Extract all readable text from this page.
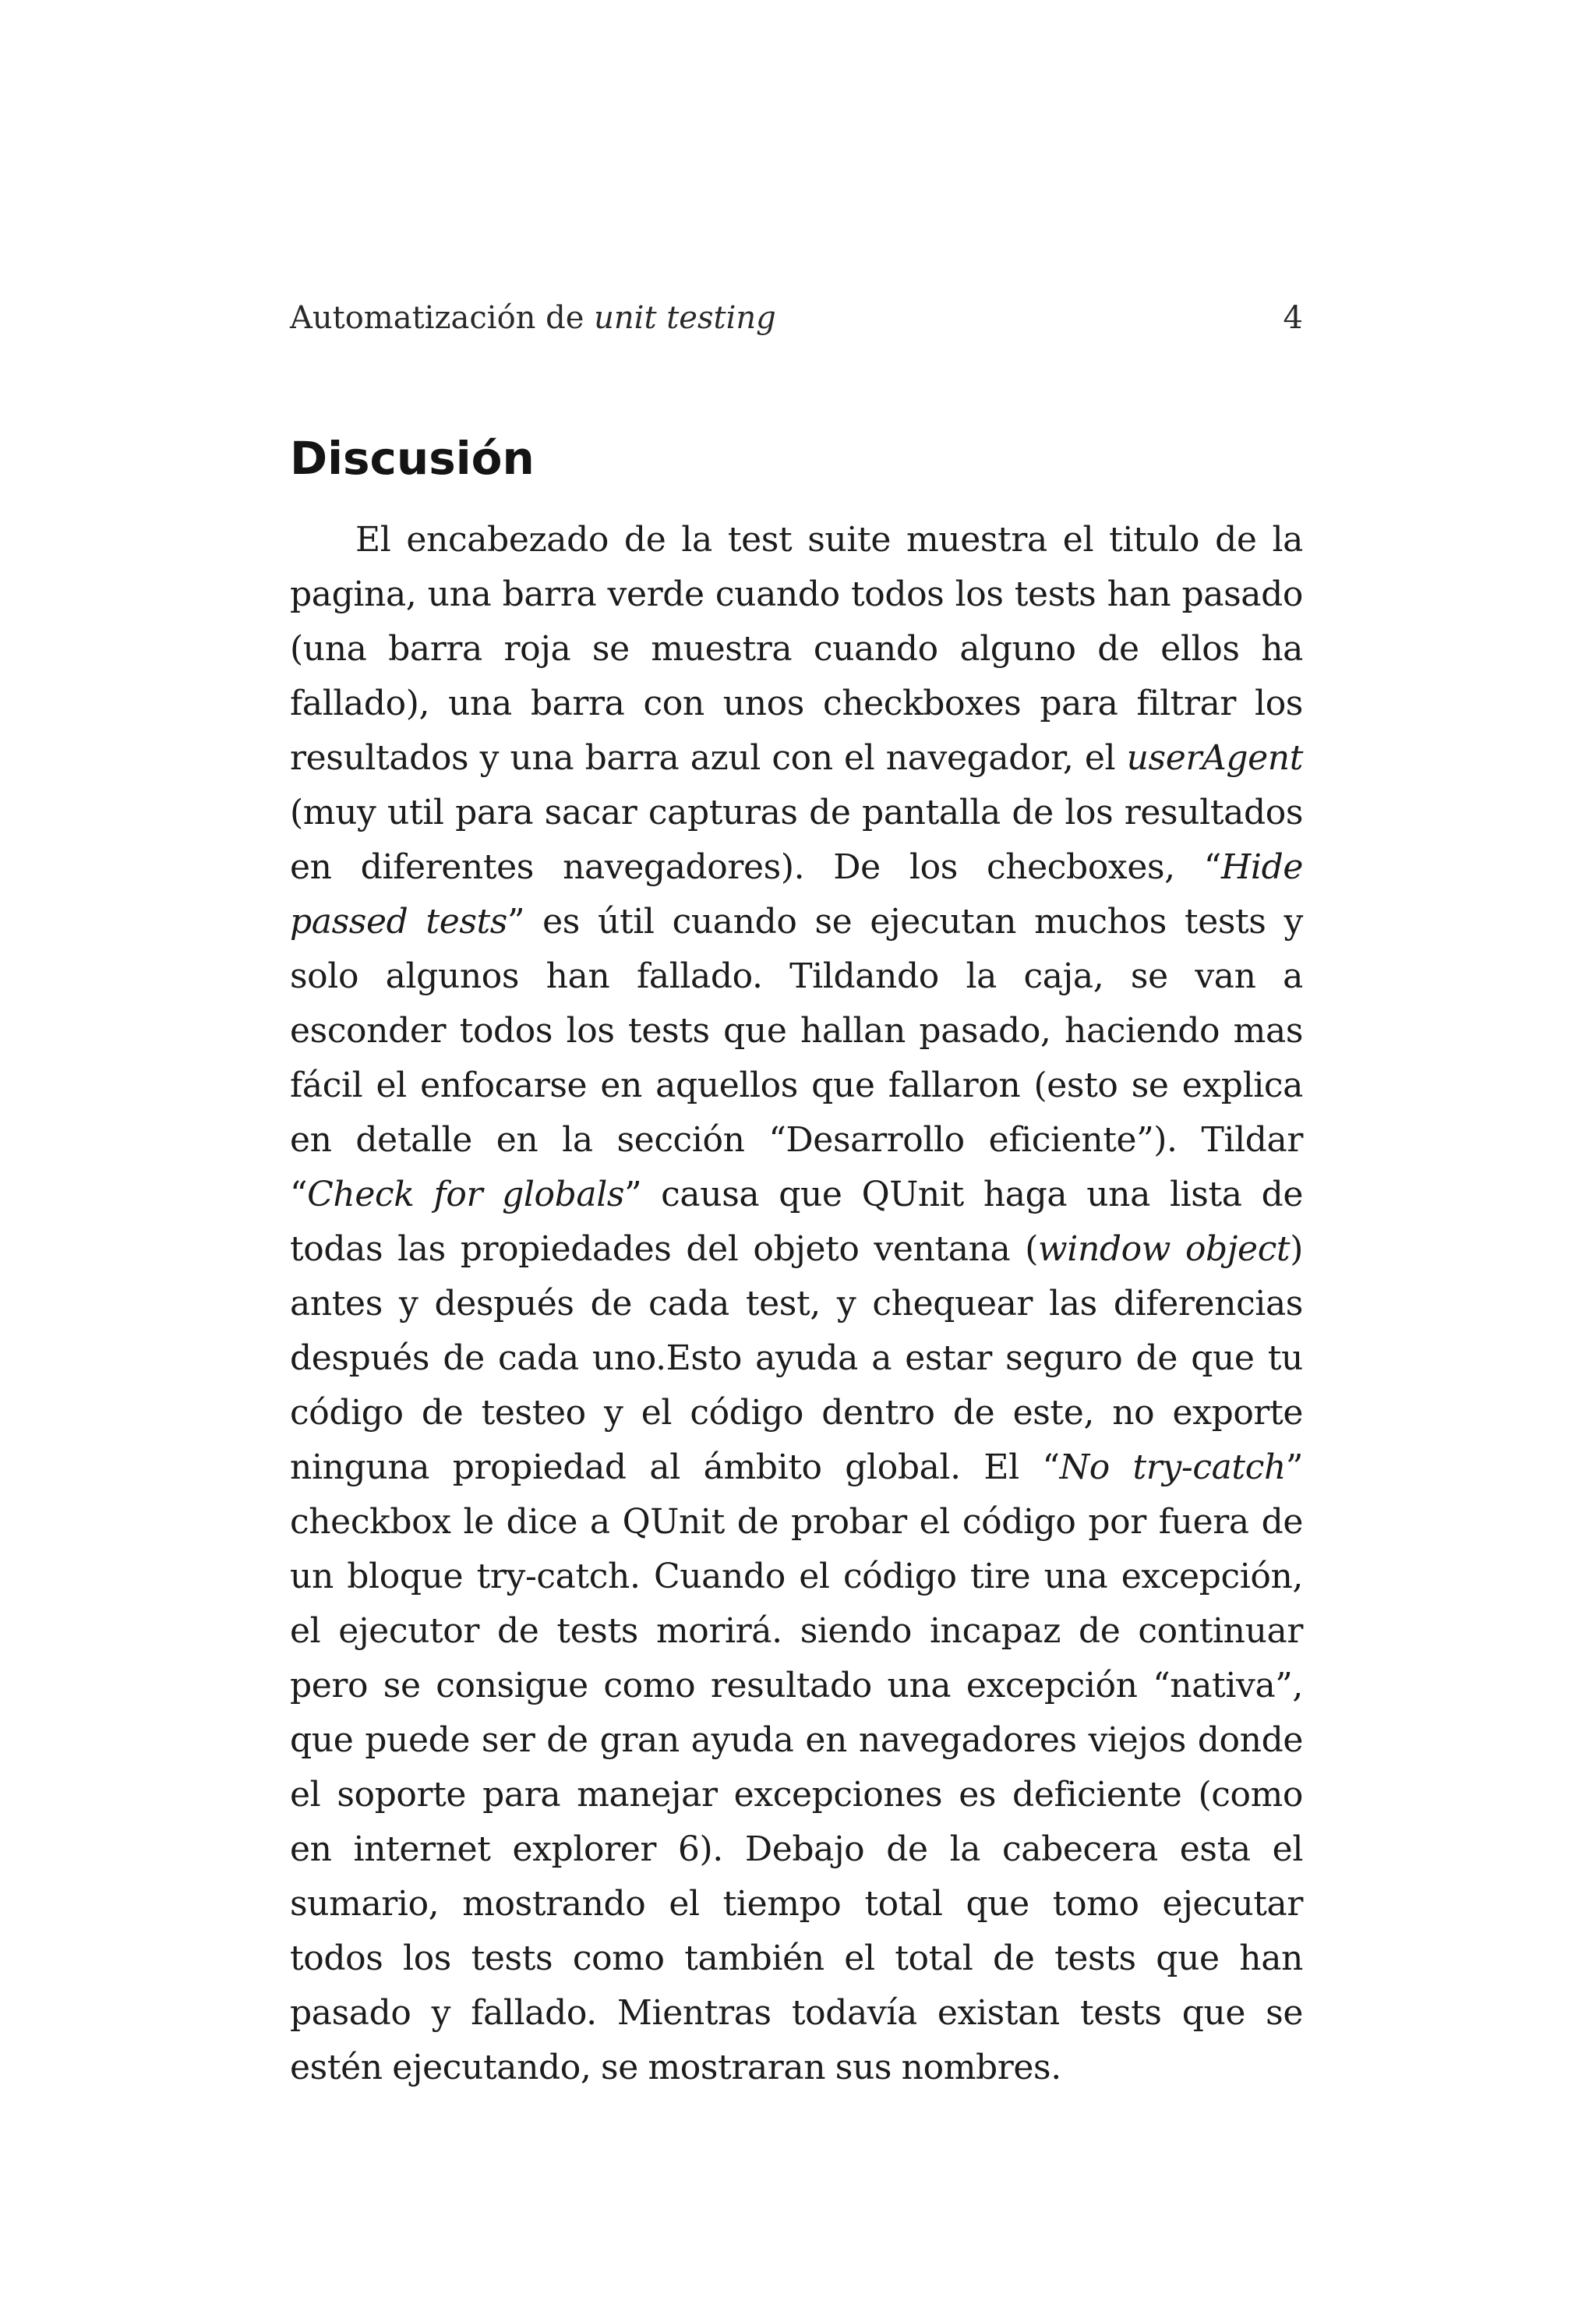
Automatización de unit testing	4
Discusión

El encabezado de la test suite muestra el titulo de la pagina, una barra verde cuando todos los tests han pasado (una barra roja se muestra cuando alguno de ellos ha fallado), una barra con unos checkboxes para filtrar los resultados y una barra azul con el navegador, el userAgent (muy util para sacar capturas de pantalla de los resultados en diferentes navegadores). De los checboxes, “Hide passed tests” es útil cuando se ejecutan muchos tests y solo algunos han fallado. Tildando la caja, se van a esconder todos los tests que hallan pasado, haciendo mas fácil el enfocarse en aquellos que fallaron (esto se explica en detalle en la sección “Desarrollo eficiente”). Tildar “Check for globals” causa que QUnit haga una lista de todas las propiedades del objeto ventana (window object) antes y después de cada test, y chequear las diferencias después de cada uno.Esto ayuda a estar seguro de que tu código de testeo y el código dentro de este, no exporte ninguna propiedad al ámbito global. El “No try-catch” checkbox le dice a QUnit de probar el código por fuera de un bloque try-catch. Cuando el código tire una excepción, el ejecutor de tests morirá. siendo incapaz de continuar pero se consigue como resultado una excepción “nativa”, que puede ser de gran ayuda en navegadores viejos donde el soporte para manejar excepciones es deficiente (como en internet explorer 6). Debajo de la cabecera esta el sumario, mostrando el tiempo total que tomo ejecutar todos los tests como también el total de tests que han pasado y fallado. Mientras todavía existan tests que se estén ejecutando, se mostraran sus nombres.
